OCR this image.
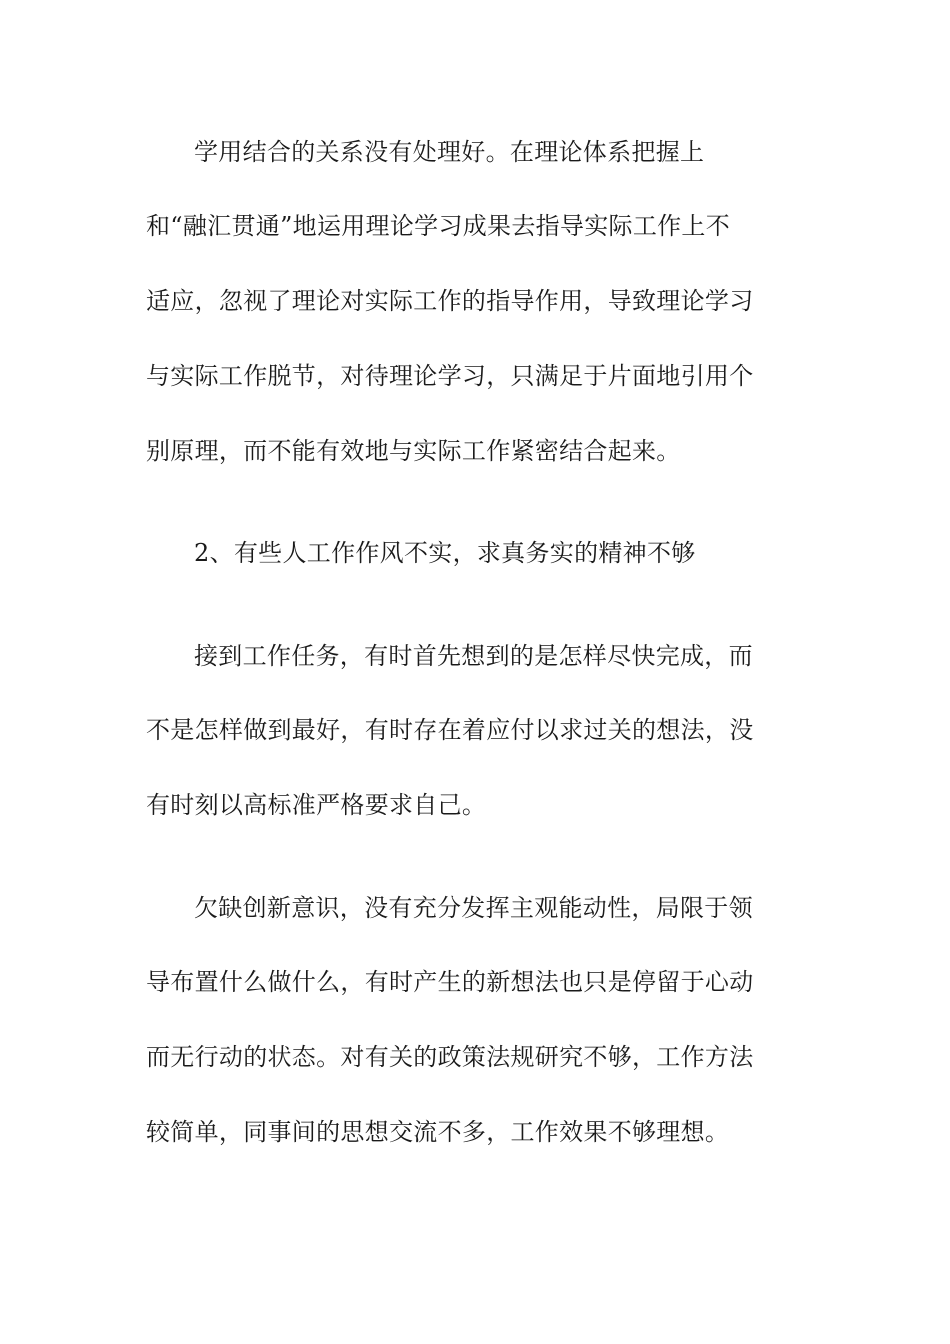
学用结合的关系没有处理好。在理论体系把握上
和“融汇贯通”地运用理论学习成果去指导实际工作上不
适应，忽视了理论对实际工作的指导作用，导致理论学习
与实际工作脱节，对待理论学习，只满足于片面地引用个
别原理，而不能有效地与实际工作紧密结合起来。
2、有些人工作作风不实，求真务实的精神不够
接到工作任务，有时首先想到的是怎样尽快完成，而
不是怎样做到最好，有时存在着应付以求过关的想法，没
有时刻以高标准严格要求自己。
欠缺创新意识，没有充分发挥主观能动性，局限于领
导布置什么做什么，有时产生的新想法也只是停留于心动
而无行动的状态。对有关的政策法规研究不够，工作方法
较简单，同事间的思想交流不多，工作效果不够理想。
